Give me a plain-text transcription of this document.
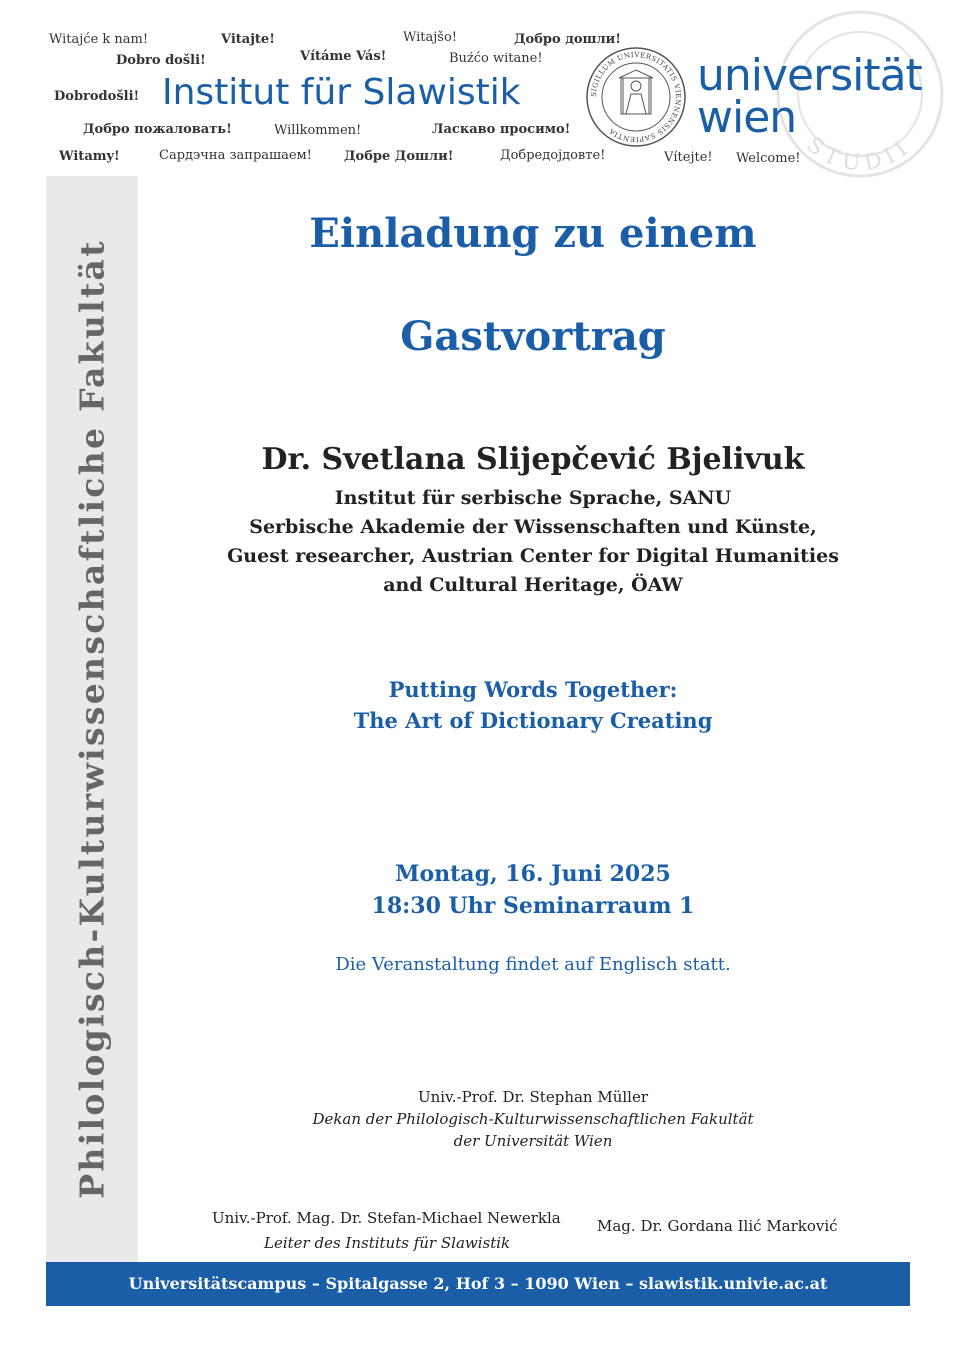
Witajće k nam!	Vitajte!	Witajšo!	Добро дошли!
Dobro došli!	Vítáme Vás!	Buźćo witane!
Dobrodošli!
Добро пожаловать!	Willkommen!	Ласкаво просимо!
Witamy!	Сардэчна запрашаем! Добре Дошли!	Добредојдовте!	Vítejte! Welcome!
Institut für Slawistik
STUDII
SIGILLUM UNIVERSITATIS VIENNENSIS SAPIENTIA
universität
wien
Philologisch-Kulturwissenschaftliche Fakultät
Einladung zu einem
Gastvortrag
Dr. Svetlana Slijepčević Bjelivuk
Institut für serbische Sprache, SANU
Serbische Akademie der Wissenschaften und Künste,
Guest researcher, Austrian Center for Digital Humanities
and Cultural Heritage, ÖAW
Putting Words Together:
The Art of Dictionary Creating
Montag, 16. Juni 2025
18:30 Uhr Seminarraum 1
Die Veranstaltung findet auf Englisch statt.
Univ.-Prof. Dr. Stephan Müller
Dekan der Philologisch-Kulturwissenschaftlichen Fakultät
der Universität Wien
Univ.-Prof. Mag. Dr. Stefan-Michael Newerkla
Leiter des Instituts für Slawistik
Mag. Dr. Gordana Ilić Marković
Universitätscampus – Spitalgasse 2, Hof 3 – 1090 Wien – slawistik.univie.ac.at
